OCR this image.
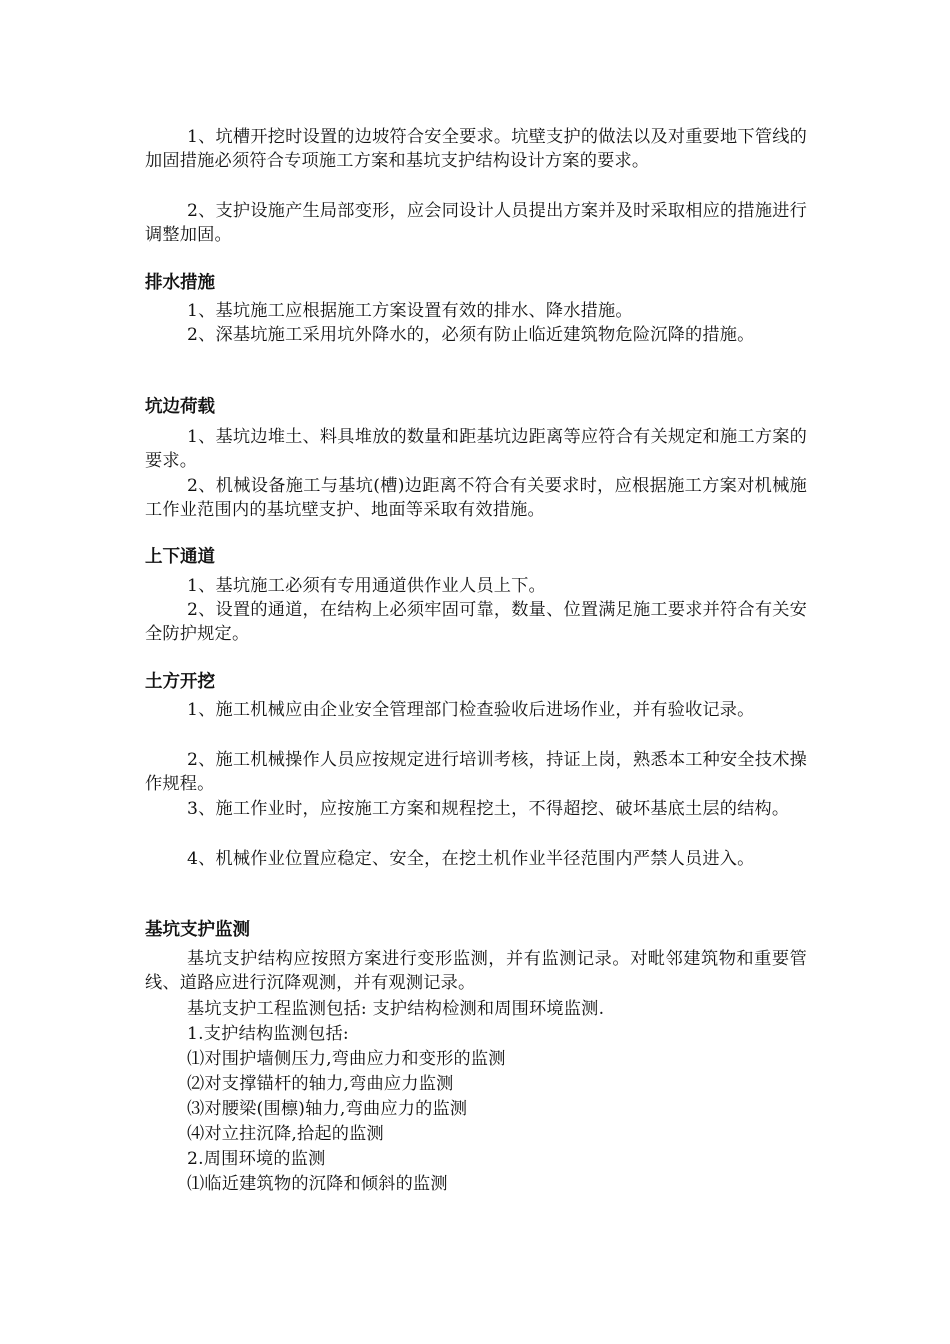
1、坑槽开挖时设置的边坡符合安全要求。坑壁支护的做法以及对重要地下管线的加固措施必须符合专项施工方案和基坑支护结构设计方案的要求。

2、支护设施产生局部变形，应会同设计人员提出方案并及时采取相应的措施进行调整加固。

排水措施

1、基坑施工应根据施工方案设置有效的排水、降水措施。

2、深基坑施工采用坑外降水的，必须有防止临近建筑物危险沉降的措施。

坑边荷载

1、基坑边堆土、料具堆放的数量和距基坑边距离等应符合有关规定和施工方案的要求。

2、机械设备施工与基坑(槽)边距离不符合有关要求时，应根据施工方案对机械施工作业范围内的基坑壁支护、地面等采取有效措施。

上下通道

1、基坑施工必须有专用通道供作业人员上下。

2、设置的通道，在结构上必须牢固可靠，数量、位置满足施工要求并符合有关安全防护规定。

土方开挖

1、施工机械应由企业安全管理部门检查验收后进场作业，并有验收记录。

2、施工机械操作人员应按规定进行培训考核，持证上岗，熟悉本工种安全技术操作规程。

3、施工作业时，应按施工方案和规程挖土，不得超挖、破坏基底土层的结构。

4、机械作业位置应稳定、安全，在挖土机作业半径范围内严禁人员进入。

基坑支护监测

基坑支护结构应按照方案进行变形监测，并有监测记录。对毗邻建筑物和重要管线、道路应进行沉降观测，并有观测记录。

基坑支护工程监测包括: 支护结构检测和周围环境监测.

1.支护结构监测包括:

⑴对围护墙侧压力,弯曲应力和变形的监测

⑵对支撑锚杆的轴力,弯曲应力监测

⑶对腰梁(围檩)轴力,弯曲应力的监测

⑷对立拄沉降,拾起的监测

2.周围环境的监测

⑴临近建筑物的沉降和倾斜的监测
